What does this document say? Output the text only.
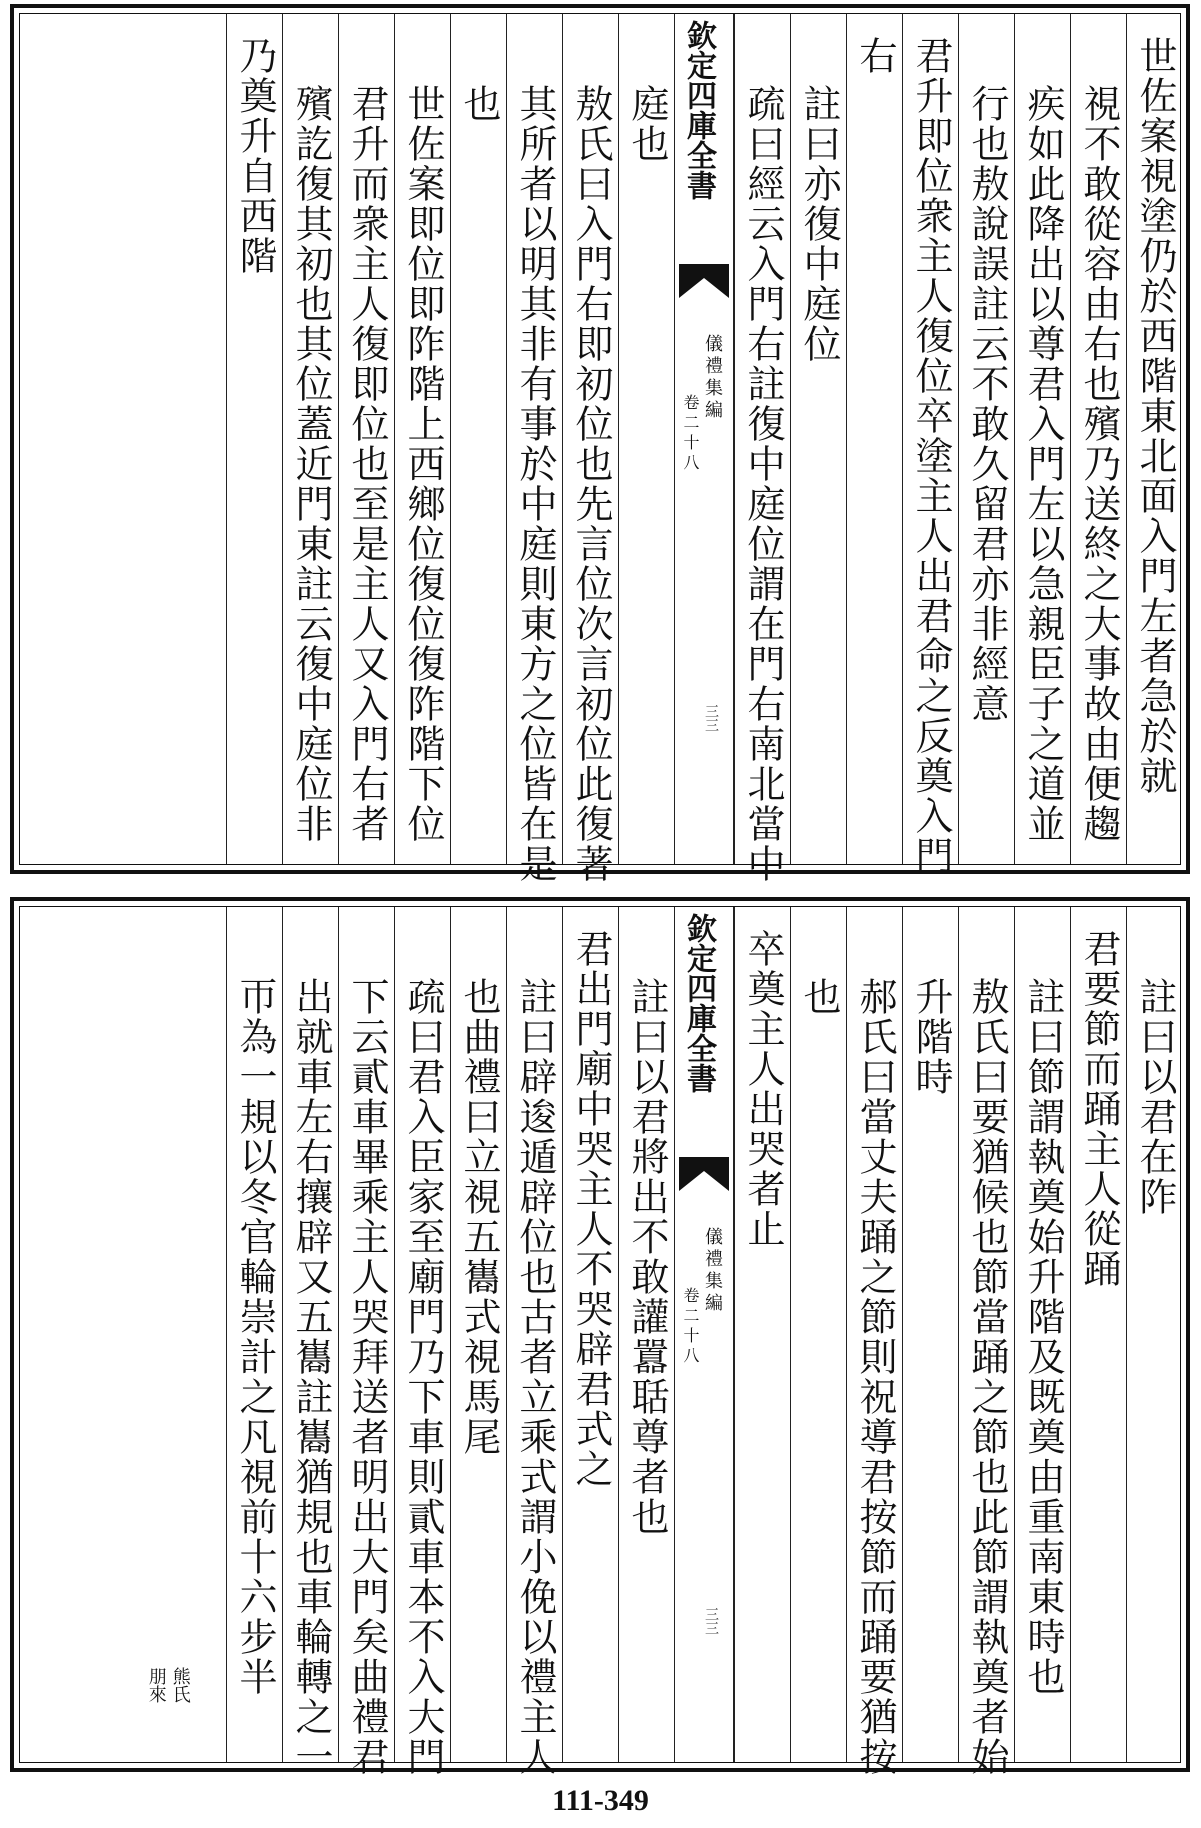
世佐案視塗仍於西階東北面入門左者急於就
視不敢從容由右也殯乃送終之大事故由便趨
疾如此降出以尊君入門左以急親臣子之道並
行也敖說誤註云不敢久留君亦非經意
君升即位衆主人復位卒塗主人出君命之反奠入門
右
註曰亦復中庭位
疏曰經云入門右註復中庭位謂在門右南北當中
欽定四庫全書
儀禮集編
卷二十八
三三
庭也
敖氏曰入門右即初位也先言位次言初位此復著
其所者以明其非有事於中庭則東方之位皆在是
也
世佐案即位即阼階上西鄉位復位復阼階下位
君升而衆主人復即位也至是主人又入門右者
殯訖復其初也其位蓋近門東註云復中庭位非
乃奠升自西階
註曰以君在阼
君要節而踊主人從踊
註曰節謂執奠始升階及既奠由重南東時也
敖氏曰要猶候也節當踊之節也此節謂執奠者始
升階時
郝氏曰當丈夫踊之節則祝導君按節而踊要猶按
也
卒奠主人出哭者止
欽定四庫全書
儀禮集編
卷二十八
三三
註曰以君將出不敢讙囂聒尊者也
君出門廟中哭主人不哭辟君式之
註曰辟逡遁辟位也古者立乘式謂小俛以禮主人
也曲禮曰立視五巂式視馬尾
疏曰君入臣家至廟門乃下車則貳車本不入大門
下云貳車畢乘主人哭拜送者明出大門矣曲禮君
出就車左右攘辟又五巂註巂猶規也車輪轉之一
帀為一規以冬官輪崇計之凡視前十六步半
熊氏
朋來
111-349
